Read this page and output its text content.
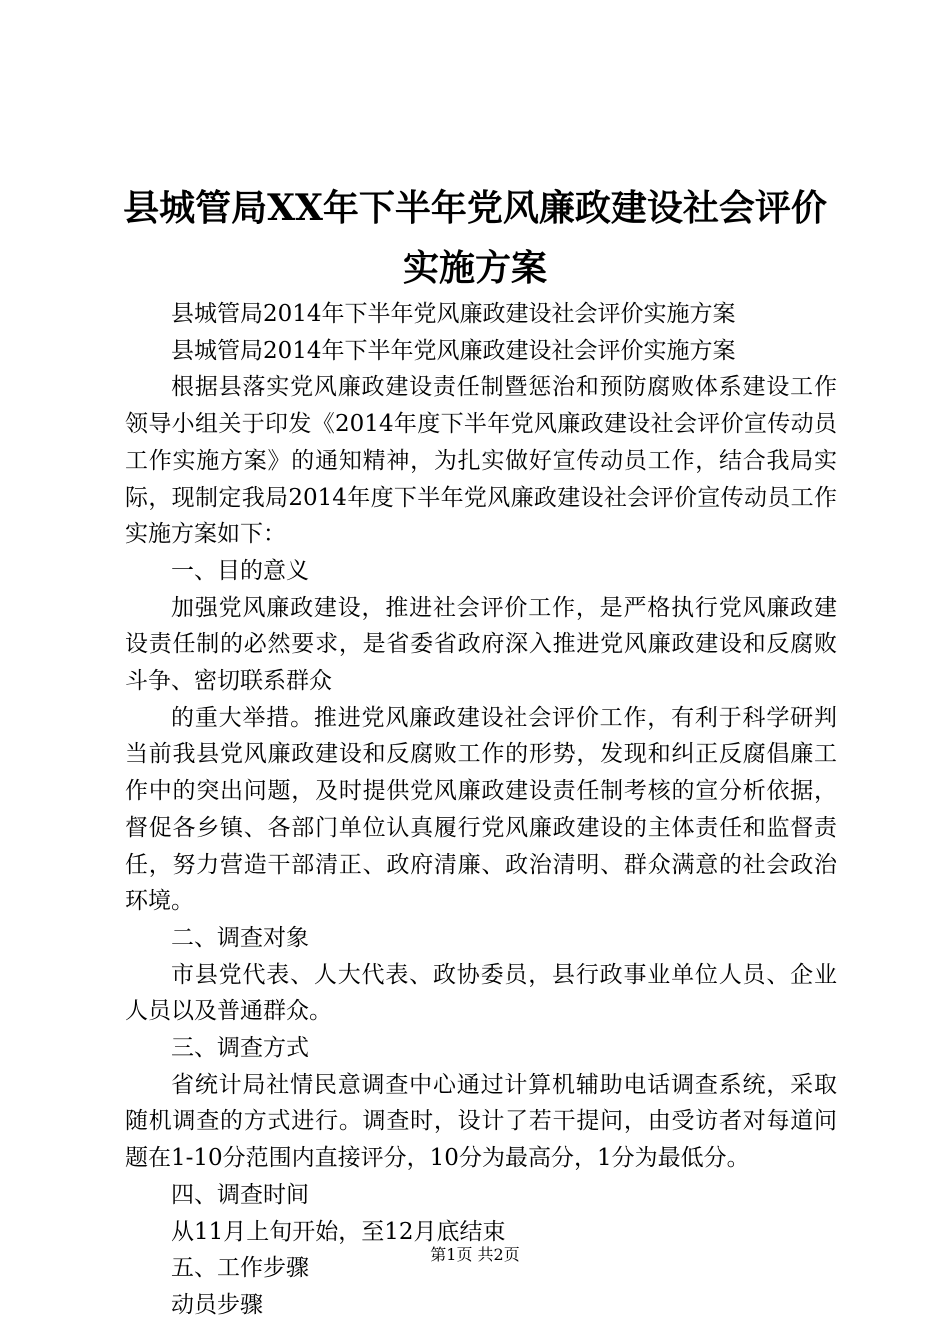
县城管局XX年下半年党风廉政建设社会评价
实施方案

县城管局2014年下半年党风廉政建设社会评价实施方案

县城管局2014年下半年党风廉政建设社会评价实施方案

根据县落实党风廉政建设责任制暨惩治和预防腐败体系建设工作领导小组关于印发《2014年度下半年党风廉政建设社会评价宣传动员工作实施方案》的通知精神，为扎实做好宣传动员工作，结合我局实际，现制定我局2014年度下半年党风廉政建设社会评价宣传动员工作实施方案如下：

一、目的意义

加强党风廉政建设，推进社会评价工作，是严格执行党风廉政建设责任制的必然要求，是省委省政府深入推进党风廉政建设和反腐败斗争、密切联系群众

的重大举措。推进党风廉政建设社会评价工作，有利于科学研判当前我县党风廉政建设和反腐败工作的形势，发现和纠正反腐倡廉工作中的突出问题，及时提供党风廉政建设责任制考核的宣分析依据，督促各乡镇、各部门单位认真履行党风廉政建设的主体责任和监督责任，努力营造干部清正、政府清廉、政治清明、群众满意的社会政治环境。

二、调查对象

市县党代表、人大代表、政协委员，县行政事业单位人员、企业人员以及普通群众。

三、调查方式

省统计局社情民意调查中心通过计算机辅助电话调查系统，采取随机调查的方式进行。调查时，设计了若干提问，由受访者对每道问题在1-10分范围内直接评分，10分为最高分，1分为最低分。

四、调查时间

从11月上旬开始，至12月底结束

五、工作步骤

动员步骤

第1页 共2页
